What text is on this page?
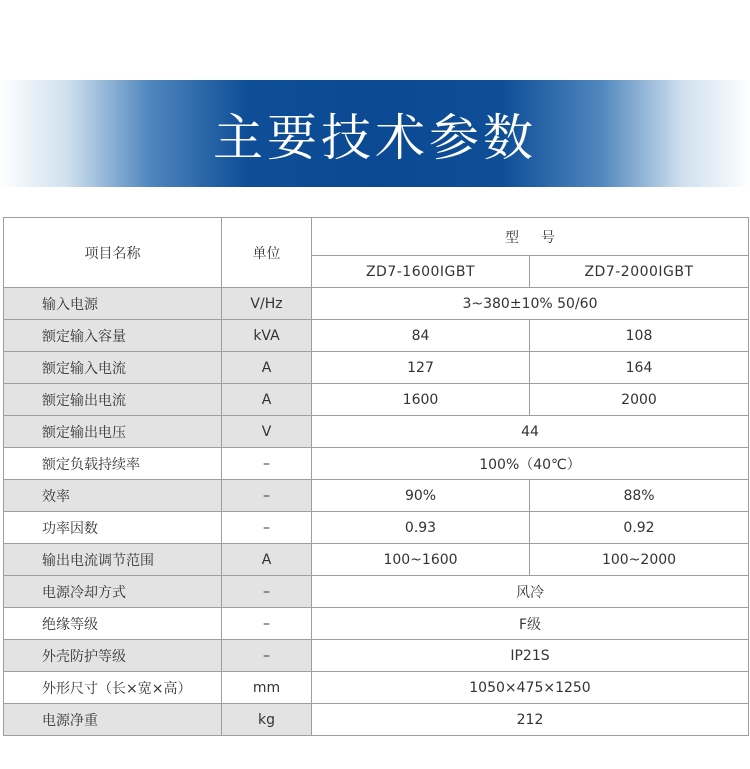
主要技术参数
项目名称	单位	型号	
		ZD7-1600IGBT	ZD7-2000IGBT
输入电源	V/Hz	3~380±10% 50/60	
额定输入容量	kVA	84	108
额定输入电流	A	127	164
额定输出电流	A	1600	2000
额定输出电压	V	44	
额定负载持续率	–	100%（40℃）	
效率	–	90%	88%
功率因数	–	0.93	0.92
输出电流调节范围	A	100~1600	100~2000
电源冷却方式	–	风冷	
绝缘等级	–	F级	
外壳防护等级	–	IP21S	
外形尺寸（长×宽×高）	mm	1050×475×1250	
电源净重	kg	212	
